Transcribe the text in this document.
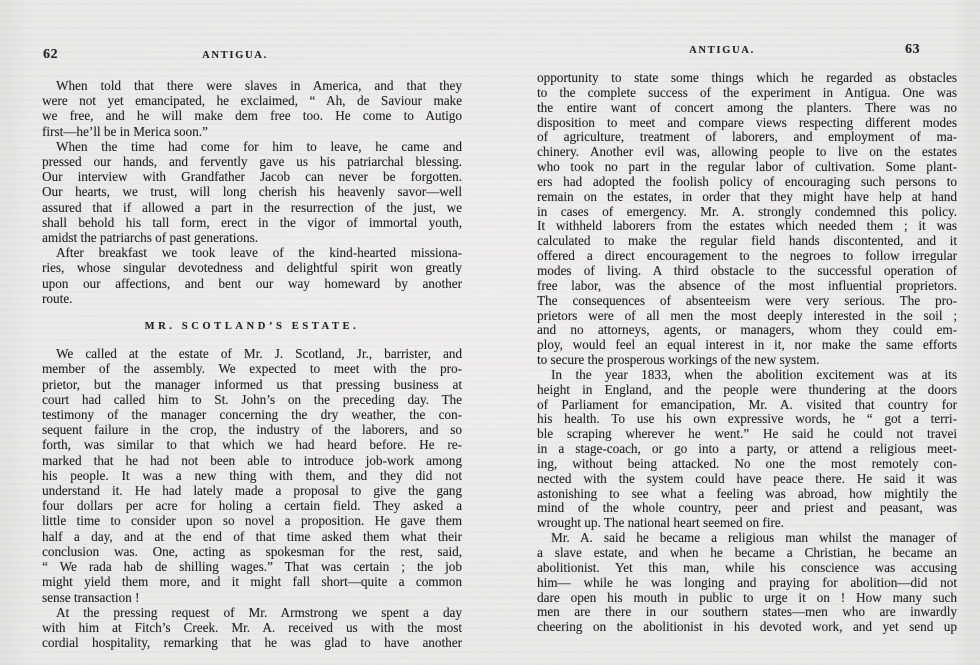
62	ANTIGUA.

When told that there were slaves in America, and that they
were not yet emancipated, he exclaimed, “ Ah, de Saviour make
we free, and he will make dem free too. He come to Autigo
first—he’ll be in Merica soon.”

When the time had come for him to leave, he came and
pressed our hands, and fervently gave us his patriarchal blessing.
Our interview with Grandfather Jacob can never be forgotten.
Our hearts, we trust, will long cherish his heavenly savor—well
assured that if allowed a part in the resurrection of the just, we
shall behold his tall form, erect in the vigor of immortal youth,
amidst the patriarchs of past generations.

After breakfast we took leave of the kind-hearted missiona-
ries, whose singular devotedness and delightful spirit won greatly
upon our affections, and bent our way homeward by another
route.

MR. SCOTLAND’S ESTATE.

We called at the estate of Mr. J. Scotland, Jr., barrister, and
member of the assembly. We expected to meet with the pro-
prietor, but the manager informed us that pressing business at
court had called him to St. John’s on the preceding day. The
testimony of the manager concerning the dry weather, the con-
sequent failure in the crop, the industry of the laborers, and so
forth, was similar to that which we had heard before. He re-
marked that he had not been able to introduce job-work among
his people. It was a new thing with them, and they did not
understand it. He had lately made a proposal to give the gang
four dollars per acre for holing a certain field. They asked a
little time to consider upon so novel a proposition. He gave them
half a day, and at the end of that time asked them what their
conclusion was. One, acting as spokesman for the rest, said,
“ We rada hab de shilling wages.” That was certain ; the job
might yield them more, and it might fall short—quite a common
sense transaction !

At the pressing request of Mr. Armstrong we spent a day
with him at Fitch’s Creek. Mr. A. received us with the most
cordial hospitality, remarking that he was glad to have another

ANTIGUA.	63

opportunity to state some things which he regarded as obstacles
to the complete success of the experiment in Antigua. One was
the entire want of concert among the planters. There was no
disposition to meet and compare views respecting different modes
of agriculture, treatment of laborers, and employment of ma-
chinery. Another evil was, allowing people to live on the estates
who took no part in the regular labor of cultivation. Some plant-
ers had adopted the foolish policy of encouraging such persons to
remain on the estates, in order that they might have help at hand
in cases of emergency. Mr. A. strongly condemned this policy.
It withheld laborers from the estates which needed them ; it was
calculated to make the regular field hands discontented, and it
offered a direct encouragement to the negroes to follow irregular
modes of living. A third obstacle to the successful operation of
free labor, was the absence of the most influential proprietors.
The consequences of absenteeism were very serious. The pro-
prietors were of all men the most deeply interested in the soil ;
and no attorneys, agents, or managers, whom they could em-
ploy, would feel an equal interest in it, nor make the same efforts
to secure the prosperous workings of the new system.

In the year 1833, when the abolition excitement was at its
height in England, and the people were thundering at the doors
of Parliament for emancipation, Mr. A. visited that country for
his health. To use his own expressive words, he “ got a terri-
ble scraping wherever he went.” He said he could not travei
in a stage-coach, or go into a party, or attend a religious meet-
ing, without being attacked. No one the most remotely con-
nected with the system could have peace there. He said it was
astonishing to see what a feeling was abroad, how mightily the
mind of the whole country, peer and priest and peasant, was
wrought up. The national heart seemed on fire.

Mr. A. said he became a religious man whilst the manager of
a slave estate, and when he became a Christian, he became an
abolitionist. Yet this man, while his conscience was accusing
him— while he was longing and praying for abolition—did not
dare open his mouth in public to urge it on ! How many such
men are there in our southern states—men who are inwardly
cheering on the abolitionist in his devoted work, and yet send up
